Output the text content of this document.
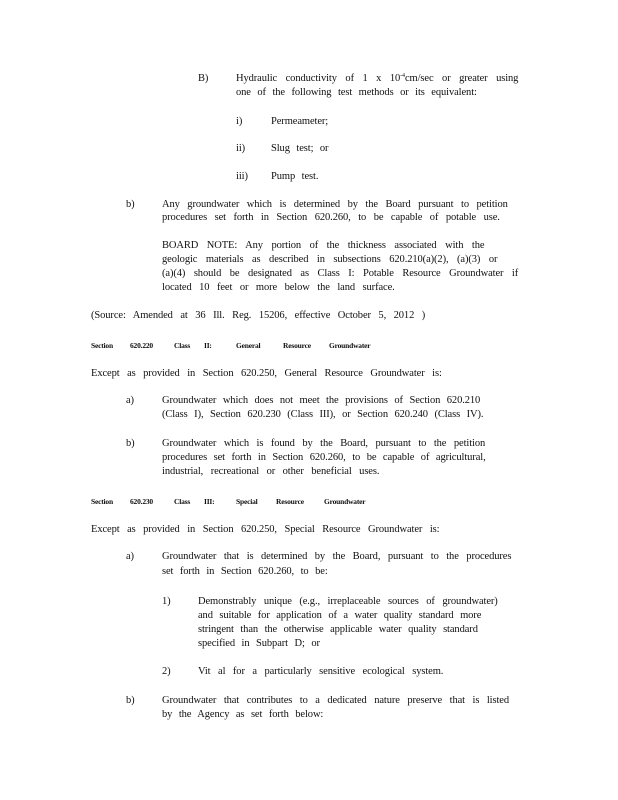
B)	Hydraulic conductivity of 1 x $10^{-4}cm/\sec$ or greater using
one of the following test methods or its equivalent:
i)	Permeameter;
ii) Slug test; or
iii) Pump test.
b)	Any groundwater which is determined by the Board pursuant to petition
procedures set forth in Section 620.260, to be capable of potable use.
BOARD NOTE: Any portion of the thickness associated with the
geologic materials as described in subsections 620.210(a)(2), (a)(3) or
(a)(4) should be designated as Class I: Potable Resource Groundwater if
located 10 feet or more below the land surface.
(Source: Amended at 36 Ill. Reg. 15206, effective October 5, 2012 )
Section 620.220	Class II:	General	Resource Groundwater
Except as provided in Section 620.250, General Resource Groundwater is:
a)	Groundwater which does not meet the provisions of Section 620.210
(Class I), Section 620.230 (Class III), or Section 620.240 (Class IV).
b)	Groundwater which is found by the Board, pursuant to the petition
procedures set forth in Section 620.260, to be capable of agricultural,
industrial, recreational or other beneficial uses.
Section 620.230	Class III:	Special Resource	Groundwater
Except as provided in Section 620.250, Special Resource Groundwater is:
a)	Groundwater that is determined by the Board, pursuant to the procedures
set forth in Section 620.260, to be:
1)	Demonstrably unique (e.g., irreplaceable sources of groundwater)
and suitable for application of a water quality standard more
stringent than the otherwise applicable water quality standard
specified in Subpart D; or
2)	Vit al for a particularly sensitive ecological system.
b)	Groundwater that contributes to a dedicated nature preserve that is listed
by the Agency as set forth below:
